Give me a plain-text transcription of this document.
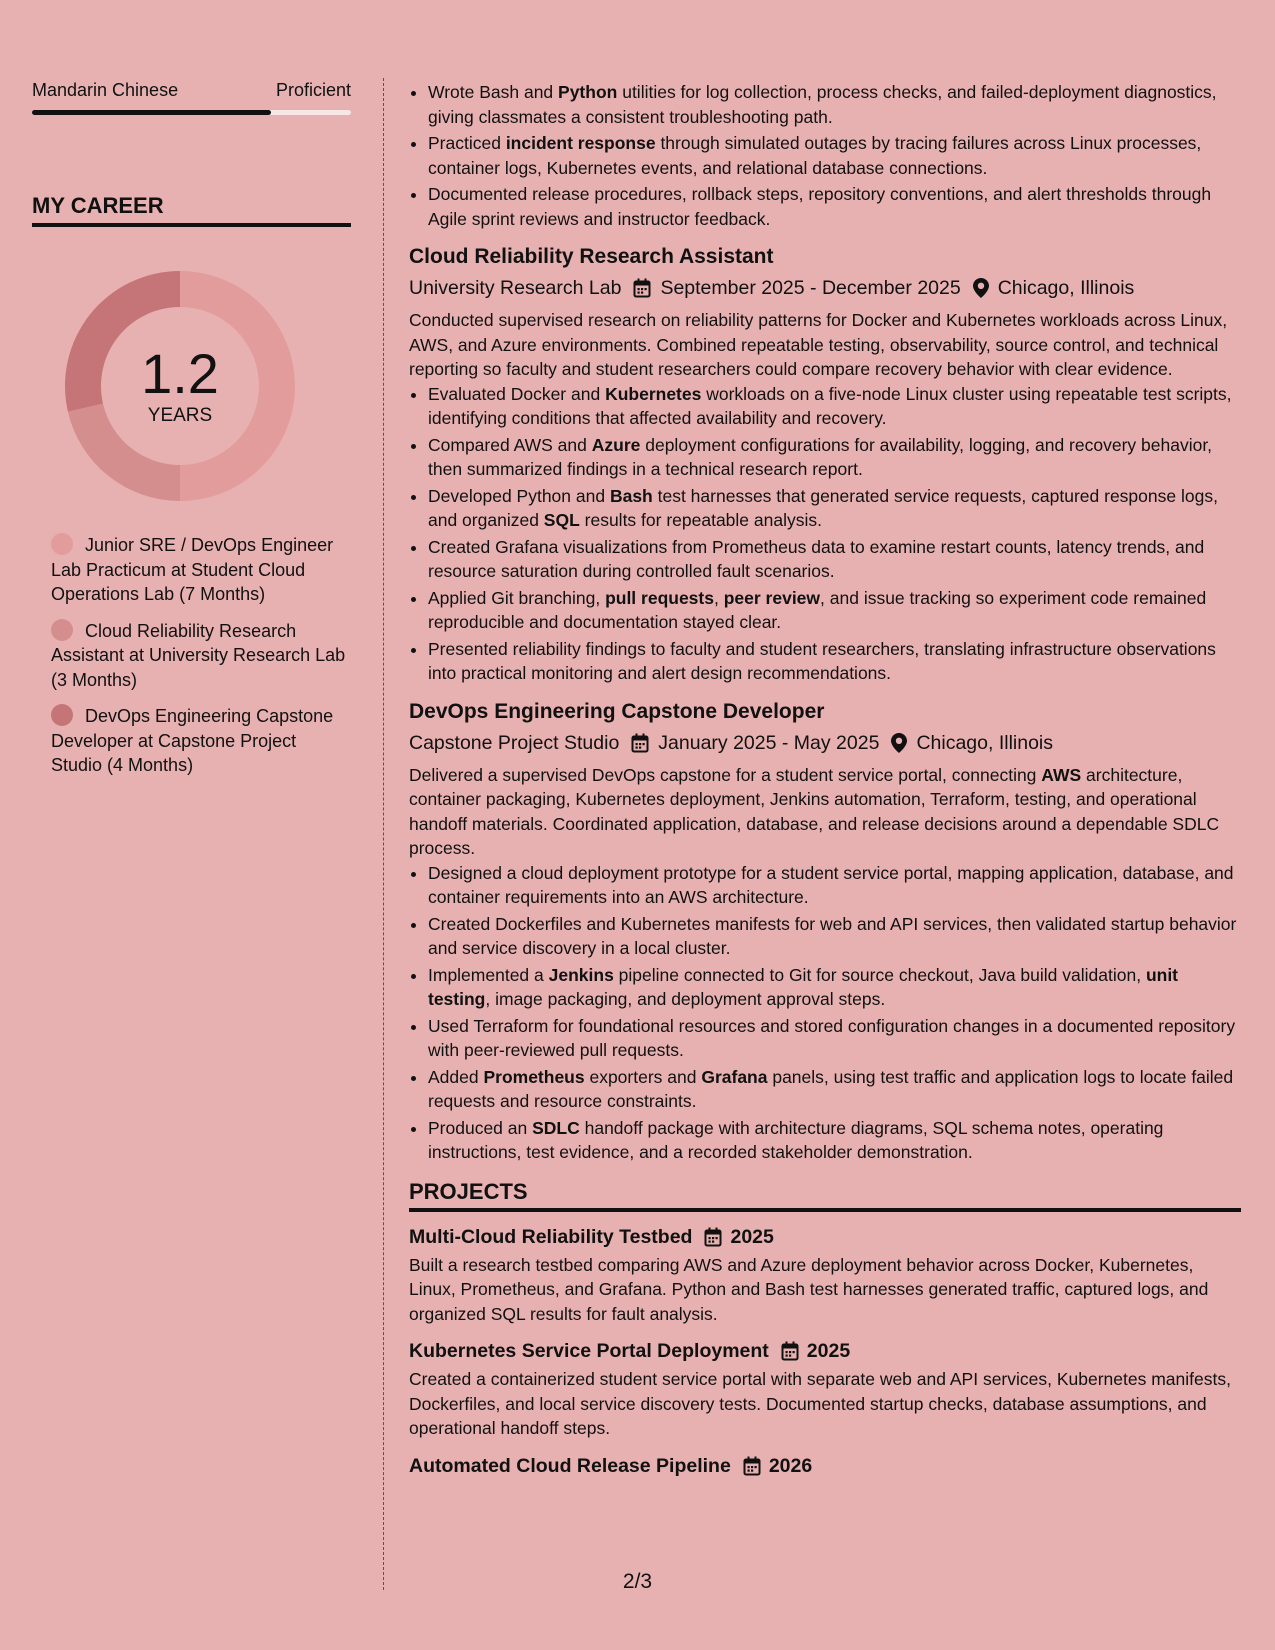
Mandarin Chinese	Proficient
MY CAREER
1.2
YEARS
Junior SRE / DevOps Engineer Lab Practicum at Student Cloud Operations Lab (7 Months)
Cloud Reliability Research Assistant at University Research Lab (3 Months)
DevOps Engineering Capstone Developer at Capstone Project Studio (4 Months)
• Wrote Bash and Python utilities for log collection, process checks, and failed-deployment diagnostics, giving classmates a consistent troubleshooting path.
• Practiced incident response through simulated outages by tracing failures across Linux processes, container logs, Kubernetes events, and relational database connections.
• Documented release procedures, rollback steps, repository conventions, and alert thresholds through Agile sprint reviews and instructor feedback.
Cloud Reliability Research Assistant
University Research Lab September 2025 - December 2025 Chicago, Illinois
Conducted supervised research on reliability patterns for Docker and Kubernetes workloads across Linux, AWS, and Azure environments. Combined repeatable testing, observability, source control, and technical reporting so faculty and student researchers could compare recovery behavior with clear evidence.
• Evaluated Docker and Kubernetes workloads on a five-node Linux cluster using repeatable test scripts, identifying conditions that affected availability and recovery.
• Compared AWS and Azure deployment configurations for availability, logging, and recovery behavior, then summarized findings in a technical research report.
• Developed Python and Bash test harnesses that generated service requests, captured response logs, and organized SQL results for repeatable analysis.
• Created Grafana visualizations from Prometheus data to examine restart counts, latency trends, and resource saturation during controlled fault scenarios.
• Applied Git branching, pull requests, peer review, and issue tracking so experiment code remained reproducible and documentation stayed clear.
• Presented reliability findings to faculty and student researchers, translating infrastructure observations into practical monitoring and alert design recommendations.
DevOps Engineering Capstone Developer
Capstone Project Studio January 2025 - May 2025 Chicago, Illinois
Delivered a supervised DevOps capstone for a student service portal, connecting AWS architecture, container packaging, Kubernetes deployment, Jenkins automation, Terraform, testing, and operational handoff materials. Coordinated application, database, and release decisions around a dependable SDLC process.
• Designed a cloud deployment prototype for a student service portal, mapping application, database, and container requirements into an AWS architecture.
• Created Dockerfiles and Kubernetes manifests for web and API services, then validated startup behavior and service discovery in a local cluster.
• Implemented a Jenkins pipeline connected to Git for source checkout, Java build validation, unit testing, image packaging, and deployment approval steps.
• Used Terraform for foundational resources and stored configuration changes in a documented repository with peer-reviewed pull requests.
• Added Prometheus exporters and Grafana panels, using test traffic and application logs to locate failed requests and resource constraints.
• Produced an SDLC handoff package with architecture diagrams, SQL schema notes, operating instructions, test evidence, and a recorded stakeholder demonstration.
PROJECTS
Multi-Cloud Reliability Testbed 2025
Built a research testbed comparing AWS and Azure deployment behavior across Docker, Kubernetes, Linux, Prometheus, and Grafana. Python and Bash test harnesses generated traffic, captured logs, and organized SQL results for fault analysis.
Kubernetes Service Portal Deployment 2025
Created a containerized student service portal with separate web and API services, Kubernetes manifests, Dockerfiles, and local service discovery tests. Documented startup checks, database assumptions, and operational handoff steps.
Automated Cloud Release Pipeline 2026
2/3
